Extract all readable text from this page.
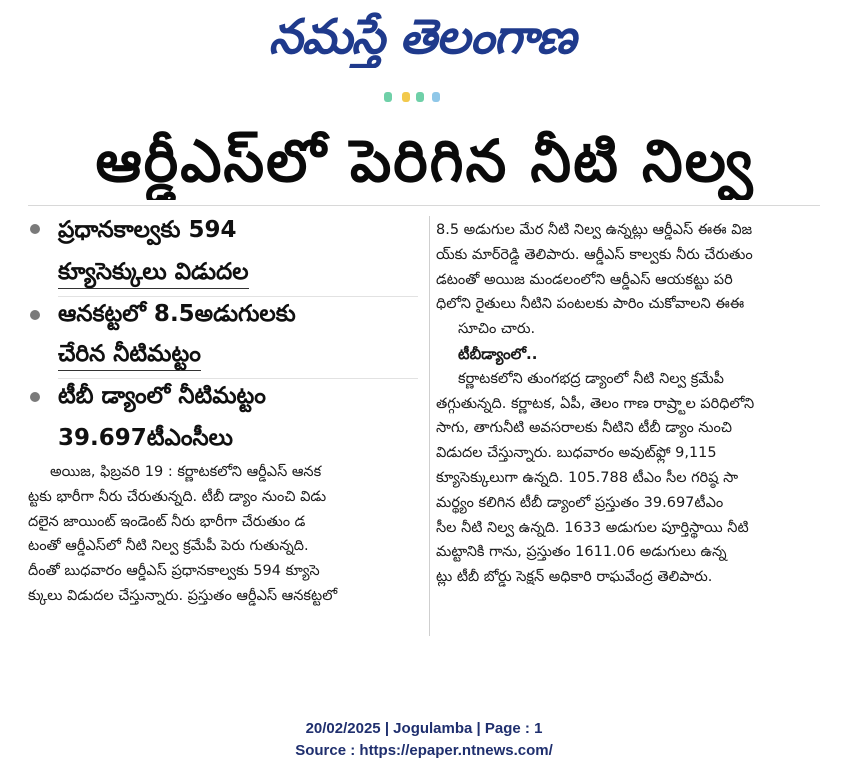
నమస్తే తెలంగాణ
ఆర్డీఎస్‌లో పెరిగిన నీటి నిల్వ
ప్రధానకాల్వకు 594
క్యూసెక్కులు విడుదల
ఆనకట్టలో 8.5అడుగులకు
చేరిన నీటిమట్టం
టీబీ డ్యాంలో నీటిమట్టం
39.697టీఎంసీలు

అయిజ, ఫిబ్రవరి 19 : కర్ణాటకలోని ఆర్డీఎస్ ఆనక

ట్టకు భారీగా నీరు చేరుతున్నది. టీబీ డ్యాం నుంచి విడు

దలైన జాయింట్ ఇండెంట్ నీరు భారీగా చేరుతుం డ

టంతో ఆర్డీఎస్‌లో నీటి నిల్వ క్రమేపీ పెరు గుతున్నది.

దీంతో బుధవారం ఆర్డీఎస్ ప్రధానకాల్వకు 594 క్యూసె

క్కులు విడుదల చేస్తున్నారు. ప్రస్తుతం ఆర్డీఎస్ ఆనకట్టలో

8.5 అడుగుల మేర నీటి నిల్వ ఉన్నట్లు ఆర్డీఎస్ ఈఈ విజ

య్‌కు మార్‌రెడ్డి తెలిపారు. ఆర్డీఎస్ కాల్వకు నీరు చేరుతుం

డటంతో అయిజ మండలంలోని ఆర్డీఎస్ ఆయకట్టు పరి

ధిలోని రైతులు నీటిని పంటలకు పారిం చుకోవాలని ఈఈ

సూచిం చారు.

టీబీడ్యాంలో..

కర్ణాటకలోని తుంగభద్ర డ్యాంలో నీటి నిల్వ క్రమేపీ

తగ్గుతున్నది. కర్ణాటక, ఏపీ, తెలం గాణ రాష్ర్టాల పరిధిలోని

సాగు, తాగునీటి అవసరాలకు నీటిని టీబీ డ్యాం నుంచి

విడుదల చేస్తున్నారు. బుధవారం అవుట్‌ఫ్లో 9,115

క్యూసెక్కులుగా ఉన్నది. 105.788 టీఎం సీల గరిష్ఠ సా

మర్థ్యం కలిగిన టీబీ డ్యాంలో ప్రస్తుతం 39.697టీఎం

సీల నీటి నిల్వ ఉన్నది. 1633 అడుగుల పూర్తిస్థాయి నీటి

మట్టానికి గాను, ప్రస్తుతం 1611.06 అడుగులు ఉన్న

ట్లు టీబీ బోర్డు సెక్షన్ అధికారి రాఘవేంద్ర తెలిపారు.

20/02/2025 | Jogulamba | Page : 1
Source : https://epaper.ntnews.com/
